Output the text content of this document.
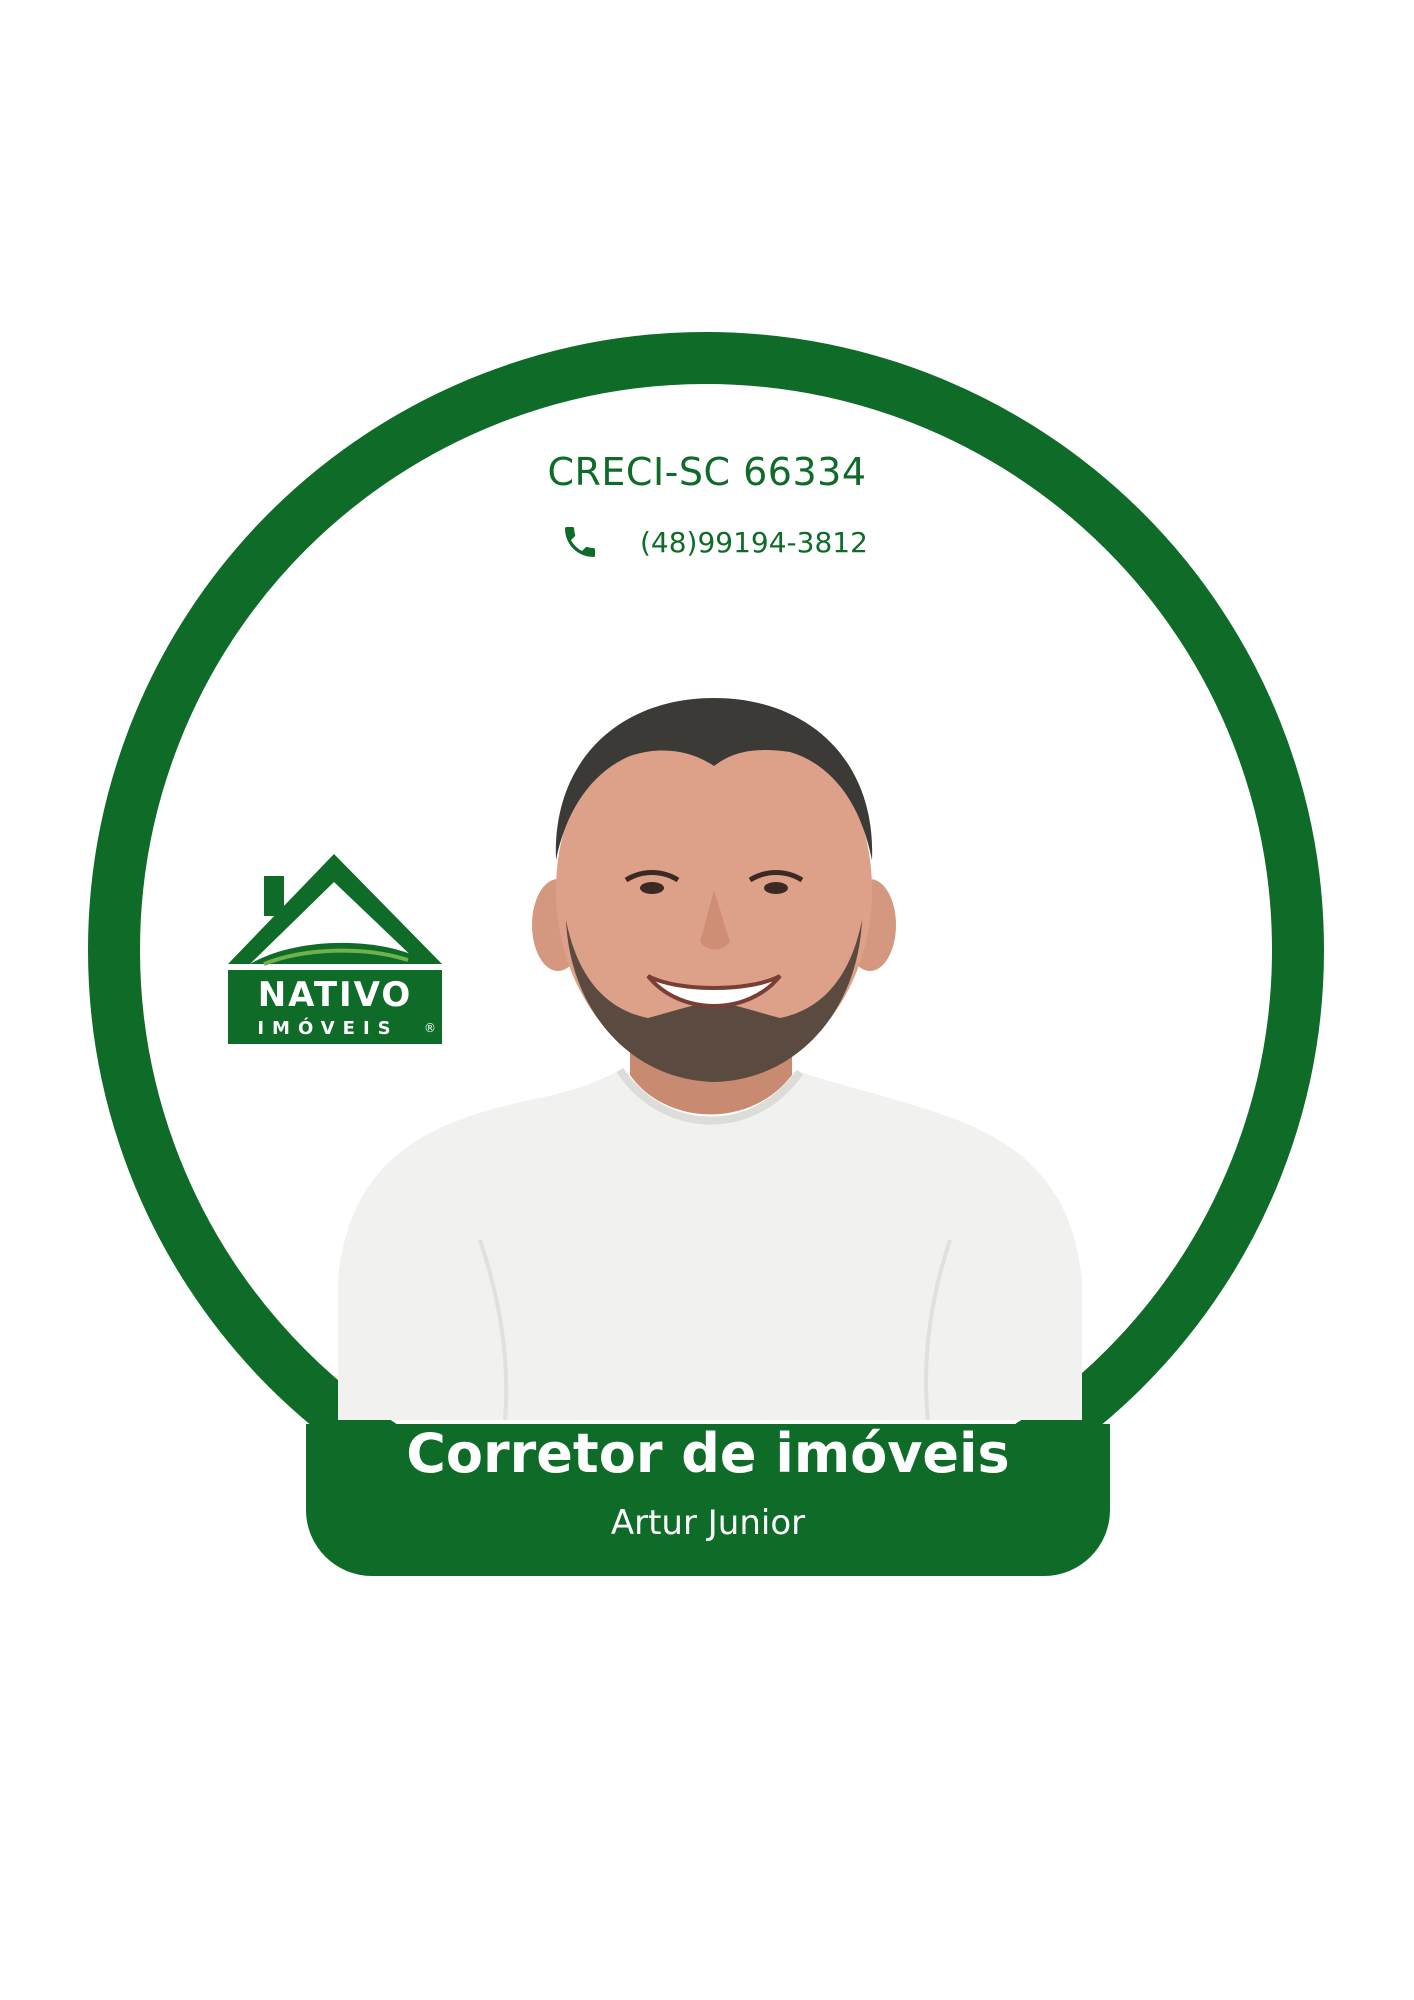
CRECI-SC 66334
(48)99194-3812
NATIVO
IMÓVEIS ®
Corretor de imóveis
Artur Junior
